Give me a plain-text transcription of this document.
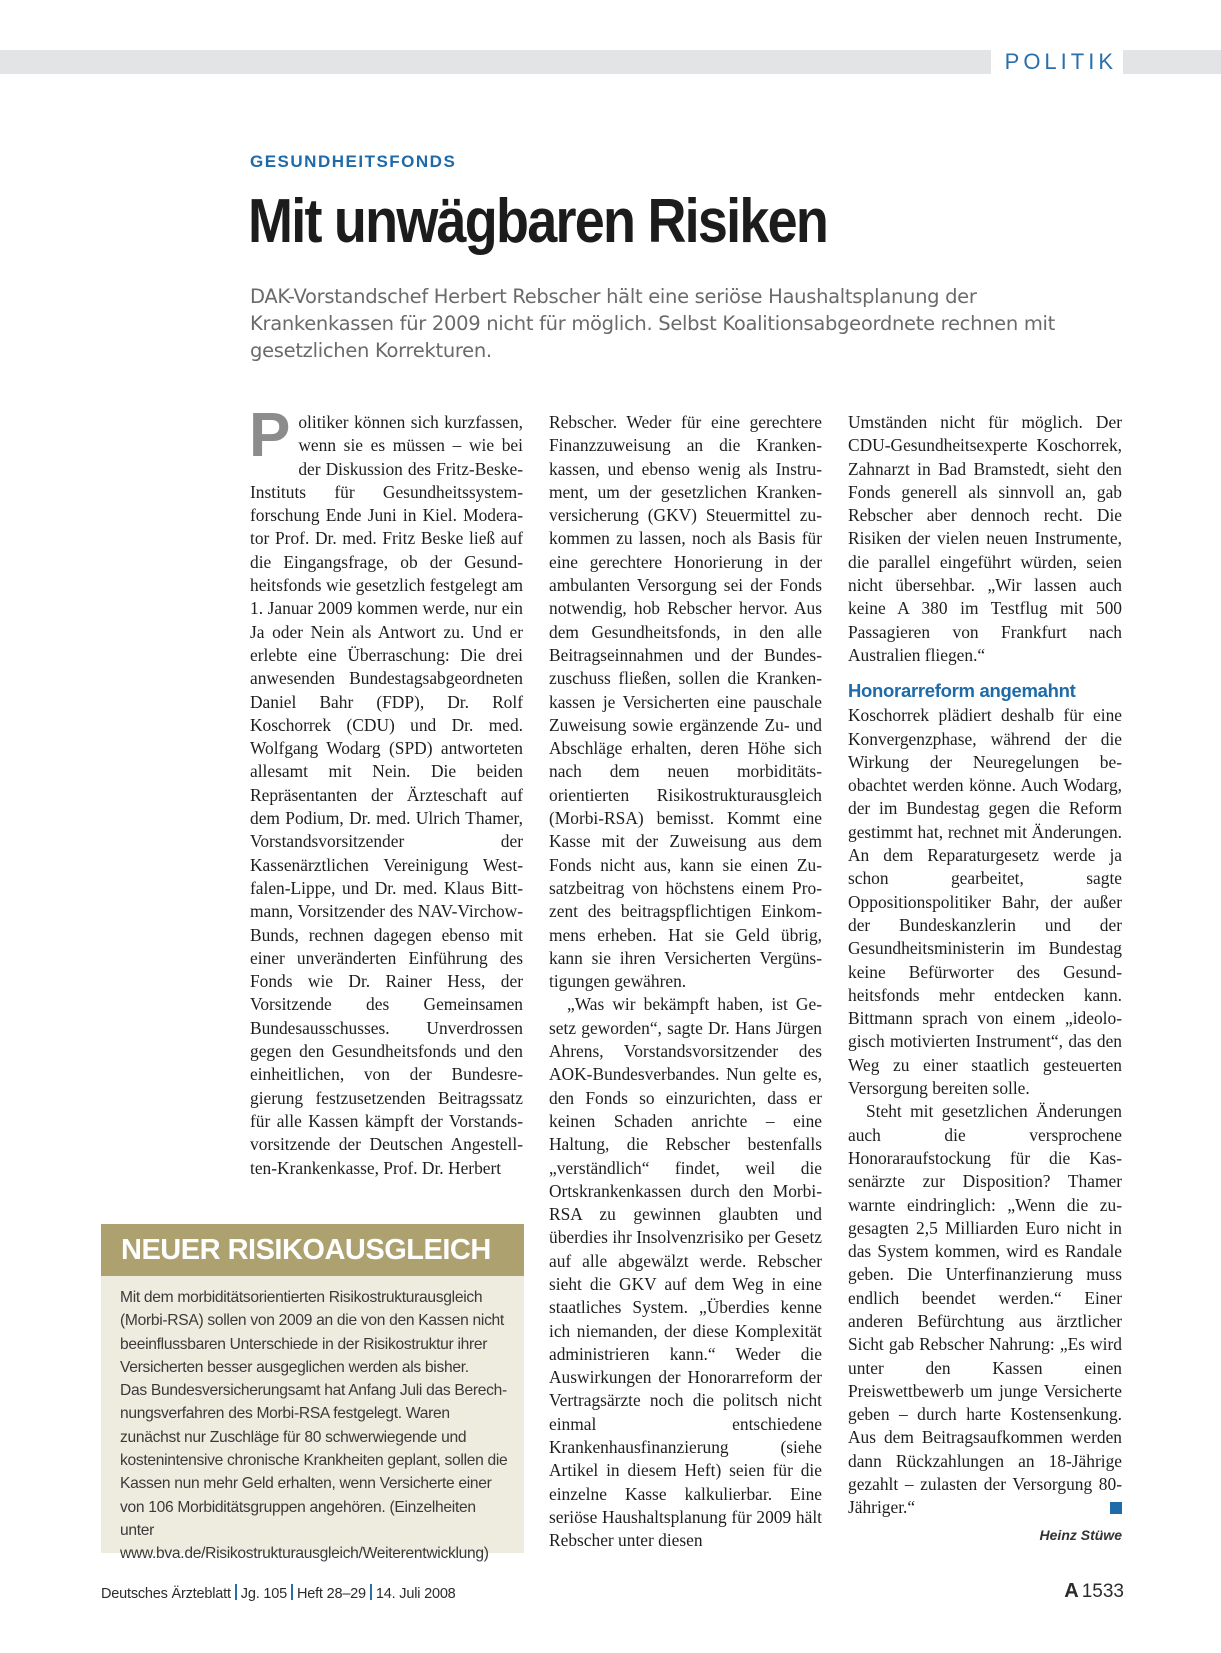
POLITIK
GESUNDHEITSFONDS
Mit unwägbaren Risiken
DAK-Vorstandschef Herbert Rebscher hält eine seriöse Haushaltsplanung der Krankenkassen für 2009 nicht für möglich. Selbst Koalitionsabgeordnete rechnen mit gesetzlichen Korrekturen.

Politiker können sich kurzfassen, wenn sie es müssen – wie bei der Diskussion des Fritz-Beske-Instituts für Gesundheitssystemforschung Ende Juni in Kiel. Moderator Prof. Dr. med. Fritz Beske ließ auf die Eingangsfrage, ob der Gesundheitsfonds wie gesetzlich festgelegt am 1. Januar 2009 kommen werde, nur ein Ja oder Nein als Antwort zu. Und er erlebte eine Überraschung: Die drei anwesenden Bundestagsabgeordneten Daniel Bahr (FDP), Dr. Rolf Koschorrek (CDU) und Dr. med. Wolfgang Wodarg (SPD) antworteten allesamt mit Nein. Die beiden Repräsentanten der Ärzteschaft auf dem Podium, Dr. med. Ulrich Thamer, Vorstandsvorsitzender der Kassenärztlichen Vereinigung Westfalen-Lippe, und Dr. med. Klaus Bittmann, Vorsitzender des NAV-Virchow-Bunds, rechnen dagegen ebenso mit einer unveränderten Einführung des Fonds wie Dr. Rainer Hess, der Vorsitzende des Gemeinsamen Bundesausschusses. Unverdrossen gegen den Gesundheitsfonds und den einheitlichen, von der Bundesregierung festzusetzenden Beitragssatz für alle Kassen kämpft der Vorstandsvorsitzende der Deutschen Angestellten-Krankenkasse, Prof. Dr. Herbert

Rebscher. Weder für eine gerechtere Finanzzuweisung an die Krankenkassen, und ebenso wenig als Instrument, um der gesetzlichen Krankenversicherung (GKV) Steuermittel zukommen zu lassen, noch als Basis für eine gerechtere Honorierung in der ambulanten Versorgung sei der Fonds notwendig, hob Rebscher hervor. Aus dem Gesundheitsfonds, in den alle Beitragseinnahmen und der Bundeszuschuss fließen, sollen die Krankenkassen je Versicherten eine pauschale Zuweisung sowie ergänzende Zu- und Abschläge erhalten, deren Höhe sich nach dem neuen morbiditätsorientierten Risikostrukturausgleich (Morbi-RSA) bemisst. Kommt eine Kasse mit der Zuweisung aus dem Fonds nicht aus, kann sie einen Zusatzbeitrag von höchstens einem Prozent des beitragspflichtigen Einkommens erheben. Hat sie Geld übrig, kann sie ihren Versicherten Vergünstigungen gewähren.

„Was wir bekämpft haben, ist Gesetz geworden“, sagte Dr. Hans Jürgen Ahrens, Vorstandsvorsitzender des AOK-Bundesverbandes. Nun gelte es, den Fonds so einzurichten, dass er keinen Schaden anrichte – eine Haltung, die Rebscher bestenfalls „verständlich“ findet, weil die Ortskrankenkassen durch den Morbi-RSA zu gewinnen glaubten und überdies ihr Insolvenzrisiko per Gesetz auf alle abgewälzt werde. Rebscher sieht die GKV auf dem Weg in eine staatliches System. „Überdies kenne ich niemanden, der diese Komplexität administrieren kann.“ Weder die Auswirkungen der Honorarreform der Vertragsärzte noch die politsch nicht einmal entschiedene Krankenhausfinanzierung (siehe Artikel in diesem Heft) seien für die einzelne Kasse kalkulierbar. Eine seriöse Haushaltsplanung für 2009 hält Rebscher unter diesen

Umständen nicht für möglich. Der CDU-Gesundheitsexperte Koschorrek, Zahnarzt in Bad Bramstedt, sieht den Fonds generell als sinnvoll an, gab Rebscher aber dennoch recht. Die Risiken der vielen neuen Instrumente, die parallel eingeführt würden, seien nicht übersehbar. „Wir lassen auch keine A 380 im Testflug mit 500 Passagieren von Frankfurt nach Australien fliegen.“

Honorarreform angemahnt

Koschorrek plädiert deshalb für eine Konvergenzphase, während der die Wirkung der Neuregelungen beobachtet werden könne. Auch Wodarg, der im Bundestag gegen die Reform gestimmt hat, rechnet mit Änderungen. An dem Reparaturgesetz werde ja schon gearbeitet, sagte Oppositionspolitiker Bahr, der außer der Bundeskanzlerin und der Gesundheitsministerin im Bundestag keine Befürworter des Gesundheitsfonds mehr entdecken kann. Bittmann sprach von einem „ideologisch motivierten Instrument“, das den Weg zu einer staatlich gesteuerten Versorgung bereiten solle.

Steht mit gesetzlichen Änderungen auch die versprochene Honoraraufstockung für die Kassenärzte zur Disposition? Thamer warnte eindringlich: „Wenn die zugesagten 2,5 Milliarden Euro nicht in das System kommen, wird es Randale geben. Die Unterfinanzierung muss endlich beendet werden.“ Einer anderen Befürchtung aus ärztlicher Sicht gab Rebscher Nahrung: „Es wird unter den Kassen einen Preiswettbewerb um junge Versicherte geben – durch harte Kostensenkung. Aus dem Beitragsaufkommen werden dann Rückzahlungen an 18-Jährige gezahlt – zulasten der Versorgung 80-Jähriger.“

Heinz Stüwe
NEUER RISIKOAUSGLEICH

Mit dem morbiditätsorientierten Risikostrukturausgleich (Morbi-RSA) sollen von 2009 an die von den Kassen nicht beeinflussbaren Unterschiede in der Risikostruktur ihrer Versicherten besser ausgeglichen werden als bisher.

Das Bundesversicherungsamt hat Anfang Juli das Berechnungsverfahren des Morbi-RSA festgelegt. Waren zunächst nur Zuschläge für 80 schwerwiegende und kostenintensive chronische Krankheiten geplant, sollen die Kassen nun mehr Geld erhalten, wenn Versicherte einer von 106 Morbiditätsgruppen angehören. (Einzelheiten unter www.bva.de/Risikostrukturausgleich/Weiterentwicklung)

Deutsches Ärzteblatt Jg. 105 Heft 28–29 14. Juli 2008	A 1533
